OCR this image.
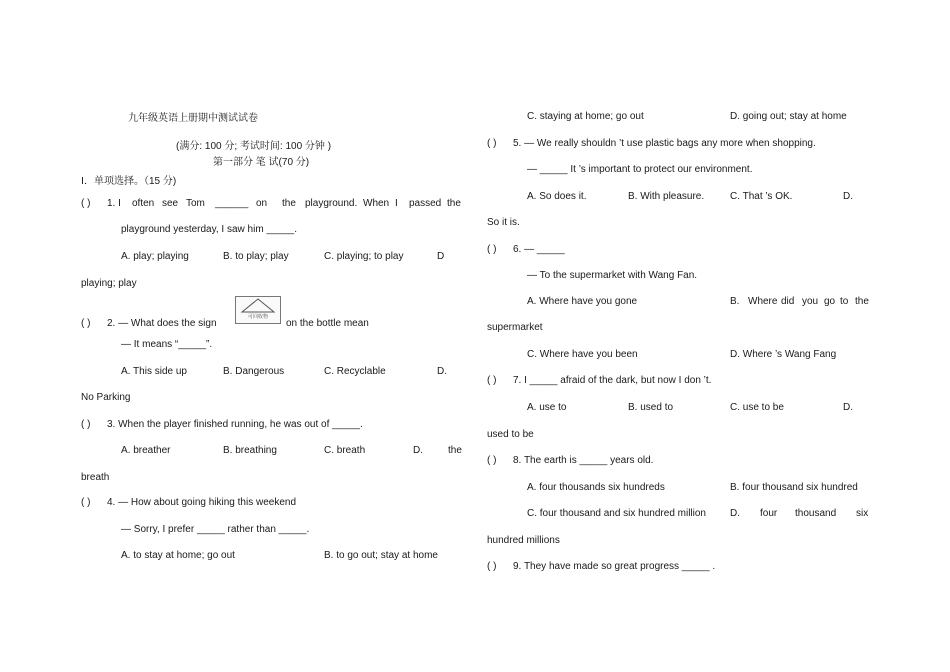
九年级英语上册期中测试试卷
(满分: 100 分; 考试时间: 100 分钟 )
第一部分 笔 试(70 分)
Ⅰ．单项选择。（15 分)
( ) 1. I often see Tom ______ on the playground. When I passed the
playground yesterday, I saw him _____.
A. play; playing	B. to play; play	C. playing; to play	D
playing; play
( ) 2. — What does the sign
可回收物
on the bottle mean
— It means “_____”.
A. This side up	B. Dangerous	C. Recyclable	D.
No Parking
( ) 3. When the player finished running, he was out of _____.
A. breather	B. breathing	C. breath	D.	the
breath
( ) 4. — How about going hiking this weekend
— Sorry, I prefer _____ rather than _____.
A. to stay at home; go out	B. to go out; stay at home
C. staying at home; go out	D. going out; stay at home
( ) 5. — We really shouldn ’t use plastic bags any more when shopping.
— _____ It ’s important to protect our environment.
A. So does it.	B. With pleasure.	C. That ’s OK.	D.
So it is.
( ) 6. — _____
— To the supermarket with Wang Fan.
A. Where have you gone	B. Where did you go to the
supermarket
C. Where have you been	D. Where ’s Wang Fang
( ) 7. I _____ afraid of the dark, but now I don ’t.
A. use to	B. used to	C. use to be	D.
used to be
( ) 8. The earth is _____ years old.
A. four thousands six hundreds	B. four thousand six hundred
C. four thousand and six hundred million D. four thousand six
hundred millions
( ) 9. They have made so great progress _____ .
